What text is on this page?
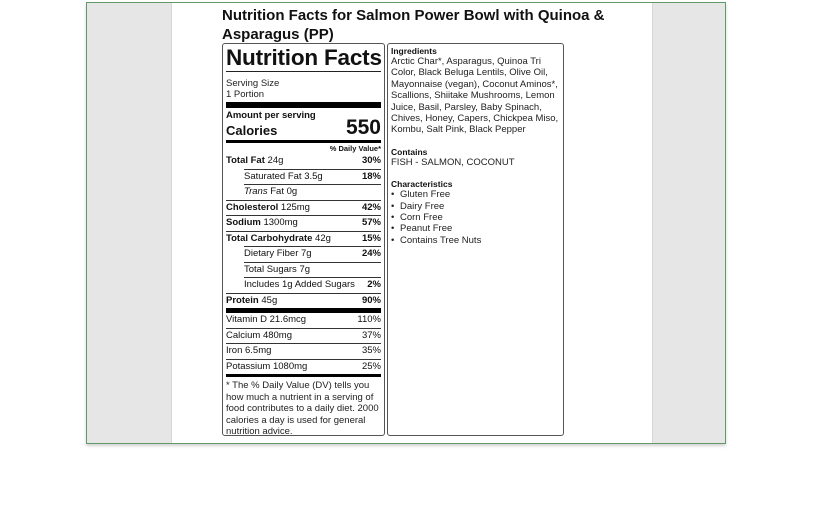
Nutrition Facts for Salmon Power Bowl with Quinoa & Asparagus (PP)
Nutrition Facts
Serving Size
1 Portion
Amount per serving
Calories	550
% Daily Value*
Total Fat 24g	30%
Saturated Fat 3.5g	18%
Trans Fat 0g
Cholesterol 125mg	42%
Sodium 1300mg	57%
Total Carbohydrate 42g	15%
Dietary Fiber 7g	24%
Total Sugars 7g
Includes 1g Added Sugars 2%
Protein 45g	90%
Vitamin D 21.6mcg	110%
Calcium 480mg	37%
Iron 6.5mg	35%
Potassium 1080mg	25%
* The % Daily Value (DV) tells you how much a nutrient in a serving of food contributes to a daily diet. 2000 calories a day is used for general nutrition advice.
Ingredients

Arctic Char*, Asparagus, Quinoa Tri Color, Black Beluga Lentils, Olive Oil, Mayonnaise (vegan), Coconut Aminos*, Scallions, Shiitake Mushrooms, Lemon Juice, Basil, Parsley, Baby Spinach, Chives, Honey, Capers, Chickpea Miso, Kombu, Salt Pink, Black Pepper

Contains

FISH - SALMON, COCONUT

Characteristics
• Gluten Free
• Dairy Free
• Corn Free
• Peanut Free
• Contains Tree Nuts
